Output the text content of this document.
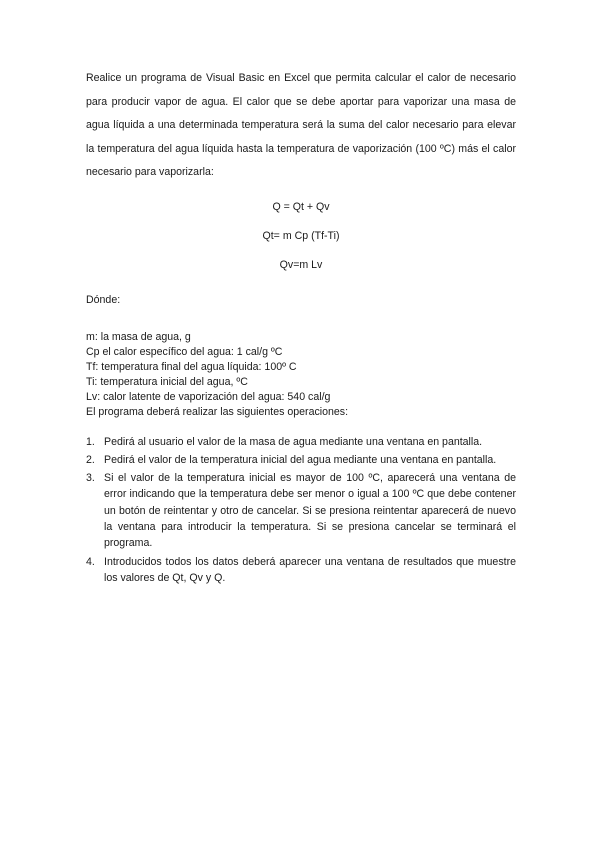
Realice un programa de Visual Basic en Excel que permita calcular el calor de necesario para producir vapor de agua. El calor que se debe aportar para vaporizar una masa de agua líquida a una determinada temperatura será la suma del calor necesario para elevar la temperatura del agua líquida hasta la temperatura de vaporización (100 ºC) más el calor necesario para vaporizarla:

Q = Qt + Qv

Qt= m Cp (Tf-Ti)

Qv=m Lv

Dónde:

m: la masa de agua, g
Cp el calor específico del agua: 1 cal/g ºC
Tf: temperatura final del agua líquida: 100º C
Ti: temperatura inicial del agua, ºC
Lv: calor latente de vaporización del agua: 540 cal/g
El programa deberá realizar las siguientes operaciones:
1. Pedirá al usuario el valor de la masa de agua mediante una ventana en pantalla.
2. Pedirá el valor de la temperatura inicial del agua mediante una ventana en pantalla.
3. Si el valor de la temperatura inicial es mayor de 100 ºC, aparecerá una ventana de error indicando que la temperatura debe ser menor o igual a 100 ºC que debe contener un botón de reintentar y otro de cancelar. Si se presiona reintentar aparecerá de nuevo la ventana para introducir la temperatura. Si se presiona cancelar se terminará el programa.
4. Introducidos todos los datos deberá aparecer una ventana de resultados que muestre los valores de Qt, Qv y Q.
